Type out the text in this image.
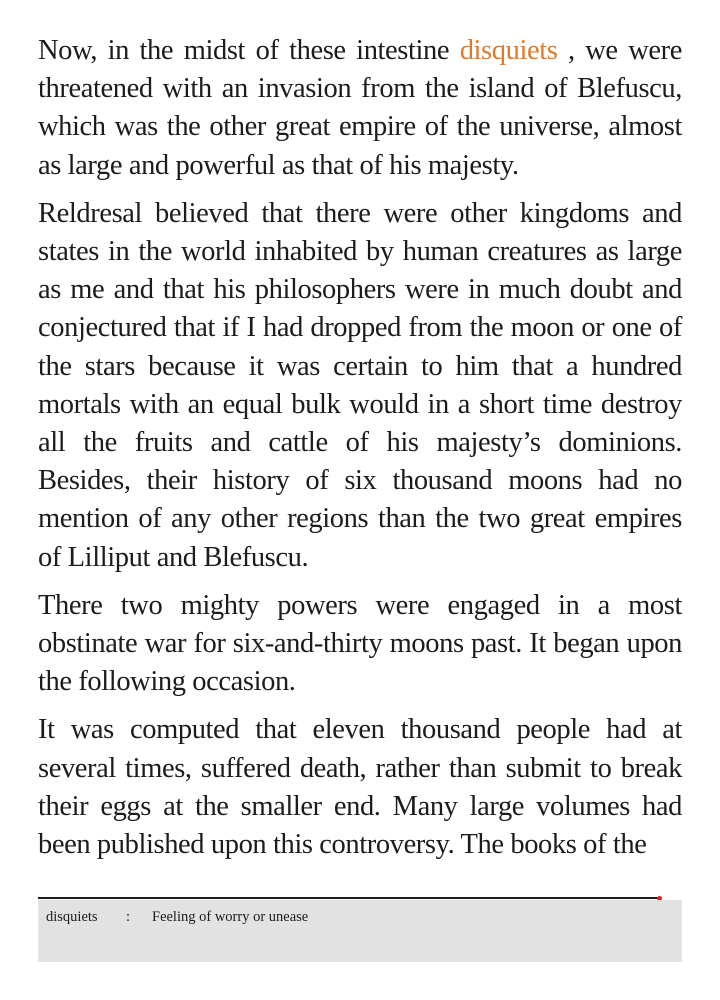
Now, in the midst of these intestine disquiets , we were threatened with an invasion from the island of Blefuscu, which was the other great empire of the universe, almost as large and powerful as that of his majesty.

Reldresal believed that there were other kingdoms and states in the world inhabited by human creatures as large as me and that his philosophers were in much doubt and conjectured that if I had dropped from the moon or one of the stars because it was certain to him that a hundred mortals with an equal bulk would in a short time destroy all the fruits and cattle of his majesty’s dominions. Besides, their history of six thousand moons had no mention of any other regions than the two great empires of Lilliput and Blefuscu.

There two mighty powers were engaged in a most obstinate war for six-and-thirty moons past. It began upon the following occasion.

It was computed that eleven thousand people had at several times, suffered death, rather than submit to break their eggs at the smaller end. Many large volumes had been published upon this controversy. The books of the

disquiets : Feeling of worry or unease
